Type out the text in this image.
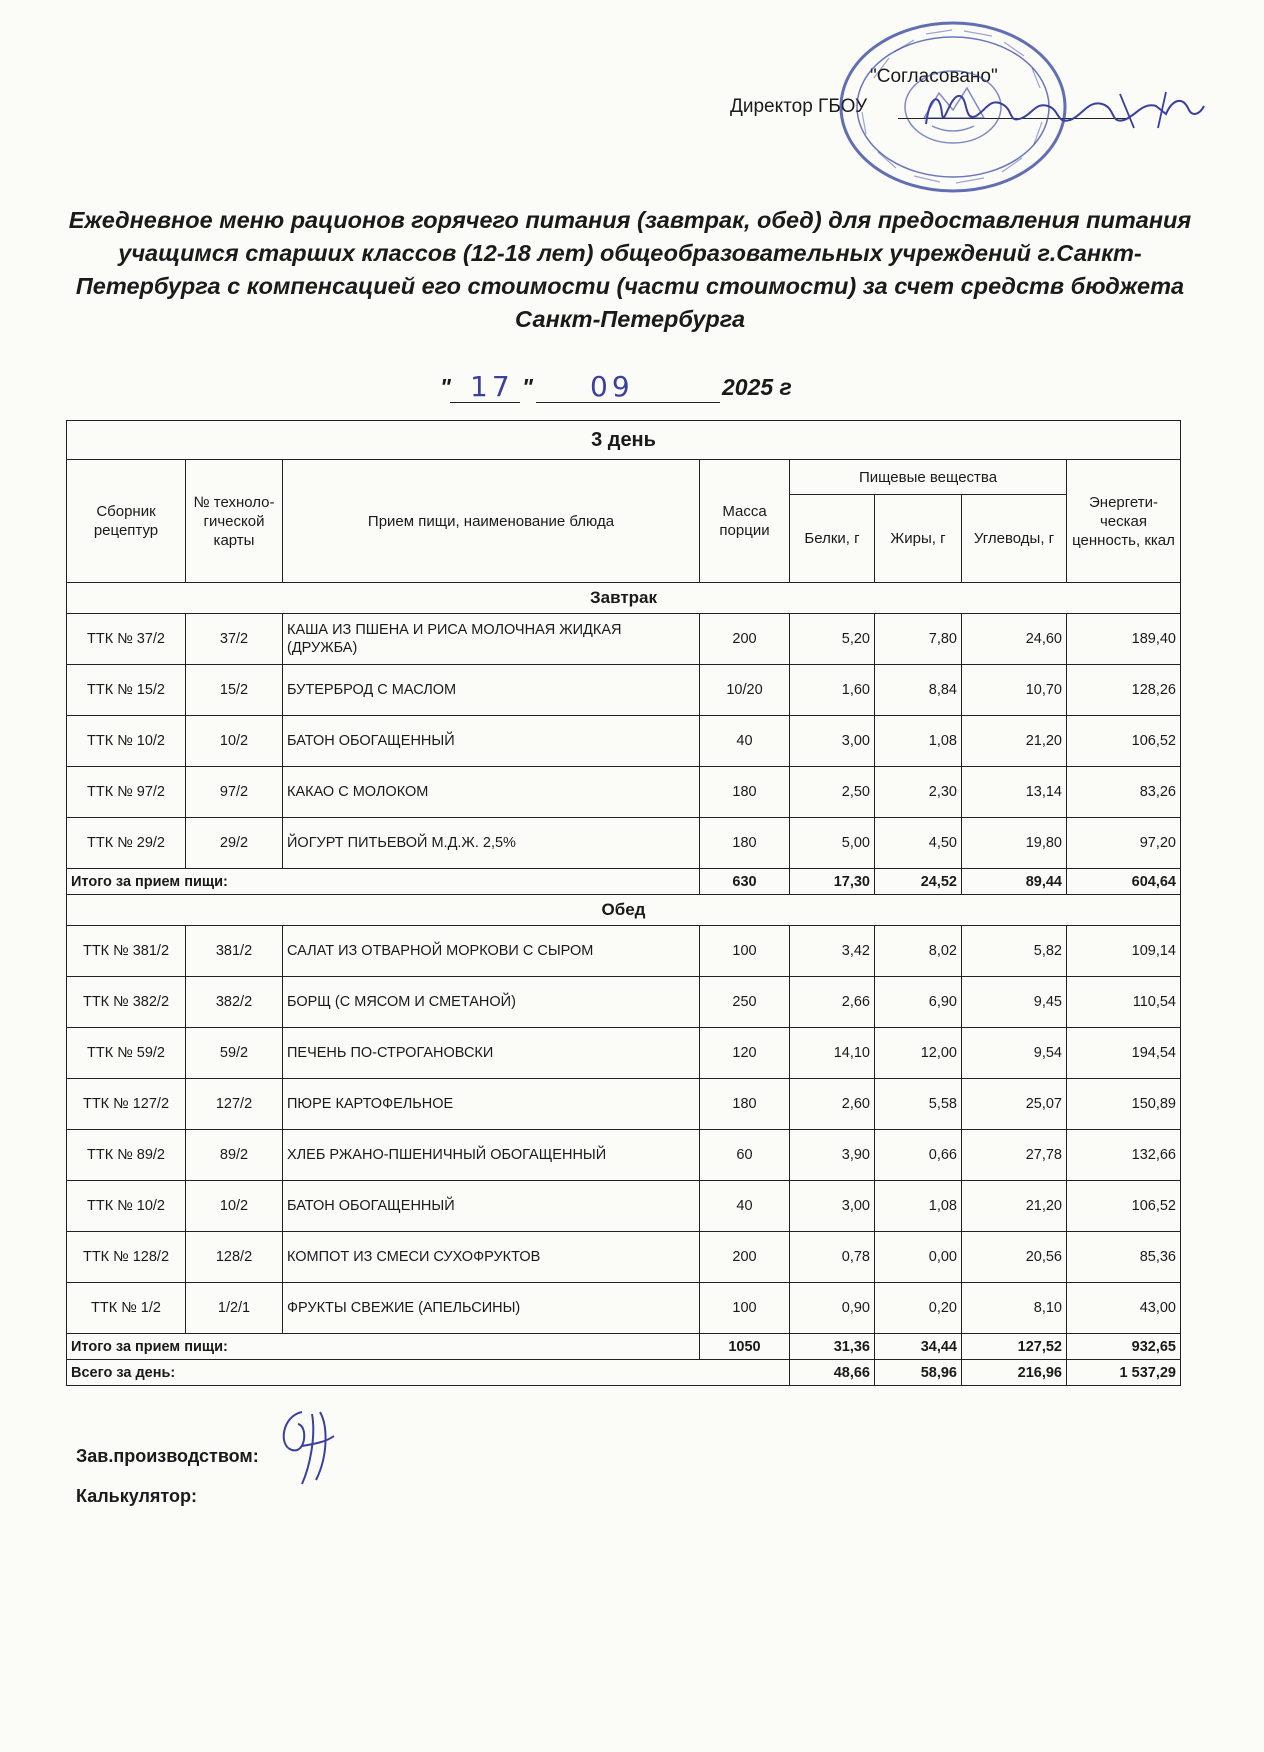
"Согласовано"
Директор ГБОУ
Ежедневное меню рационов горячего питания (завтрак, обед) для предоставления питания учащимся старших классов (12-18 лет) общеобразовательных учреждений г.Санкт-Петербурга с компенсацией его стоимости (части стоимости) за счет средств бюджета Санкт-Петербурга
" 17 " 09	2025 г
3 день							
Сборник рецептур	№ техноло-гической карты	Прием пищи, наименование блюда	Масса порции	Пищевые вещества			Энергети-ческая ценность, ккал
				Белки, г	Жиры, г	Углеводы, г	
Завтрак							
ТТК № 37/2	37/2	КАША ИЗ ПШЕНА И РИСА МОЛОЧНАЯ ЖИДКАЯ (ДРУЖБА)	200	5,20	7,80	24,60	189,40
ТТК № 15/2	15/2	БУТЕРБРОД С МАСЛОМ	10/20	1,60	8,84	10,70	128,26
ТТК № 10/2	10/2	БАТОН ОБОГАЩЕННЫЙ	40	3,00	1,08	21,20	106,52
ТТК № 97/2	97/2	КАКАО С МОЛОКОМ	180	2,50	2,30	13,14	83,26
ТТК № 29/2	29/2	ЙОГУРТ ПИТЬЕВОЙ М.Д.Ж. 2,5%	180	5,00	4,50	19,80	97,20
Итого за прием пищи:			630	17,30	24,52	89,44	604,64
Обед							
ТТК № 381/2	381/2	САЛАТ ИЗ ОТВАРНОЙ МОРКОВИ С СЫРОМ	100	3,42	8,02	5,82	109,14
ТТК № 382/2	382/2	БОРЩ (С МЯСОМ И СМЕТАНОЙ)	250	2,66	6,90	9,45	110,54
ТТК № 59/2	59/2	ПЕЧЕНЬ ПО-СТРОГАНОВСКИ	120	14,10	12,00	9,54	194,54
ТТК № 127/2	127/2	ПЮРЕ КАРТОФЕЛЬНОЕ	180	2,60	5,58	25,07	150,89
ТТК № 89/2	89/2	ХЛЕБ РЖАНО-ПШЕНИЧНЫЙ ОБОГАЩЕННЫЙ	60	3,90	0,66	27,78	132,66
ТТК № 10/2	10/2	БАТОН ОБОГАЩЕННЫЙ	40	3,00	1,08	21,20	106,52
ТТК № 128/2	128/2	КОМПОТ ИЗ СМЕСИ СУХОФРУКТОВ	200	0,78	0,00	20,56	85,36
ТТК № 1/2	1/2/1	ФРУКТЫ СВЕЖИЕ (АПЕЛЬСИНЫ)	100	0,90	0,20	8,10	43,00
Итого за прием пищи:			1050	31,36	34,44	127,52	932,65
Всего за день:				48,66	58,96	216,96	1 537,29
Зав.производством:
Калькулятор:
